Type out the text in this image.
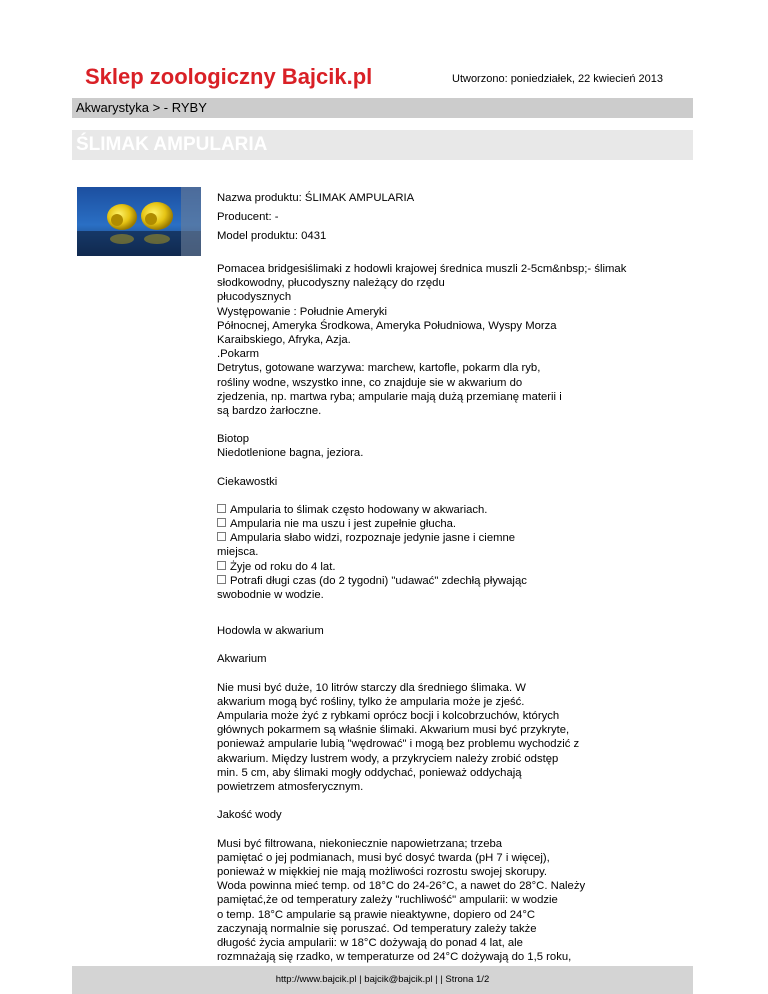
Sklep zoologiczny Bajcik.pl	Utworzono: poniedziałek, 22 kwiecień 2013
Akwarystyka > - RYBY
ŚLIMAK AMPULARIA
Nazwa produktu: ŚLIMAK AMPULARIA
Producent: -
Model produktu: 0431
Pomacea bridgesiślimaki z hodowli krajowej średnica muszli 2-5cm&nbsp;- ślimak
słodkowodny, płucodyszny należący do rzędu
płucodysznych
Występowanie : Południe Ameryki
Północnej, Ameryka Środkowa, Ameryka Południowa, Wyspy Morza
Karaibskiego, Afryka, Azja.
.Pokarm
Detrytus, gotowane warzywa: marchew, kartofle, pokarm dla ryb,
rośliny wodne, wszystko inne, co znajduje sie w akwarium do
zjedzenia, np. martwa ryba; ampularie mają dużą przemianę materii i
są bardzo żarłoczne.
Biotop
Niedotlenione bagna, jeziora.
Ciekawostki
Ampularia to ślimak często hodowany w akwariach.
Ampularia nie ma uszu i jest zupełnie głucha.
Ampularia słabo widzi, rozpoznaje jedynie jasne i ciemne
miejsca.
Żyje od roku do 4 lat.
Potrafi długi czas (do 2 tygodni) "udawać" zdechłą pływając
swobodnie w wodzie.
Hodowla w akwarium
Akwarium
Nie musi być duże, 10 litrów starczy dla średniego ślimaka. W
akwarium mogą być rośliny, tylko że ampularia może je zjeść.
Ampularia może żyć z rybkami oprócz bocji i kolcobrzuchów, których
głównych pokarmem są właśnie ślimaki. Akwarium musi być przykryte,
ponieważ ampularie lubią "wędrować" i mogą bez problemu wychodzić z
akwarium. Między lustrem wody, a przykryciem należy zrobić odstęp
min. 5 cm, aby ślimaki mogły oddychać, ponieważ oddychają
powietrzem atmosferycznym.
Jakość wody
Musi być filtrowana, niekoniecznie napowietrzana; trzeba
pamiętać o jej podmianach, musi być dosyć twarda (pH 7 i więcej),
ponieważ w miękkiej nie mają możliwości rozrostu swojej skorupy.
Woda powinna mieć temp. od 18°C do 24-26°C, a nawet do 28°C. Należy
pamiętać,że od temperatury zależy "ruchliwość" ampularii: w wodzie
o temp. 18°C ampularie są prawie nieaktywne, dopiero od 24°C
zaczynają normalnie się poruszać. Od temperatury zależy także
długość życia ampularii: w 18°C dożywają do ponad 4 lat, ale
rozmnażają się rzadko, w temperaturze od 24°C dożywają do 1,5 roku,
http://www.bajcik.pl | bajcik@bajcik.pl | | Strona 1/2
